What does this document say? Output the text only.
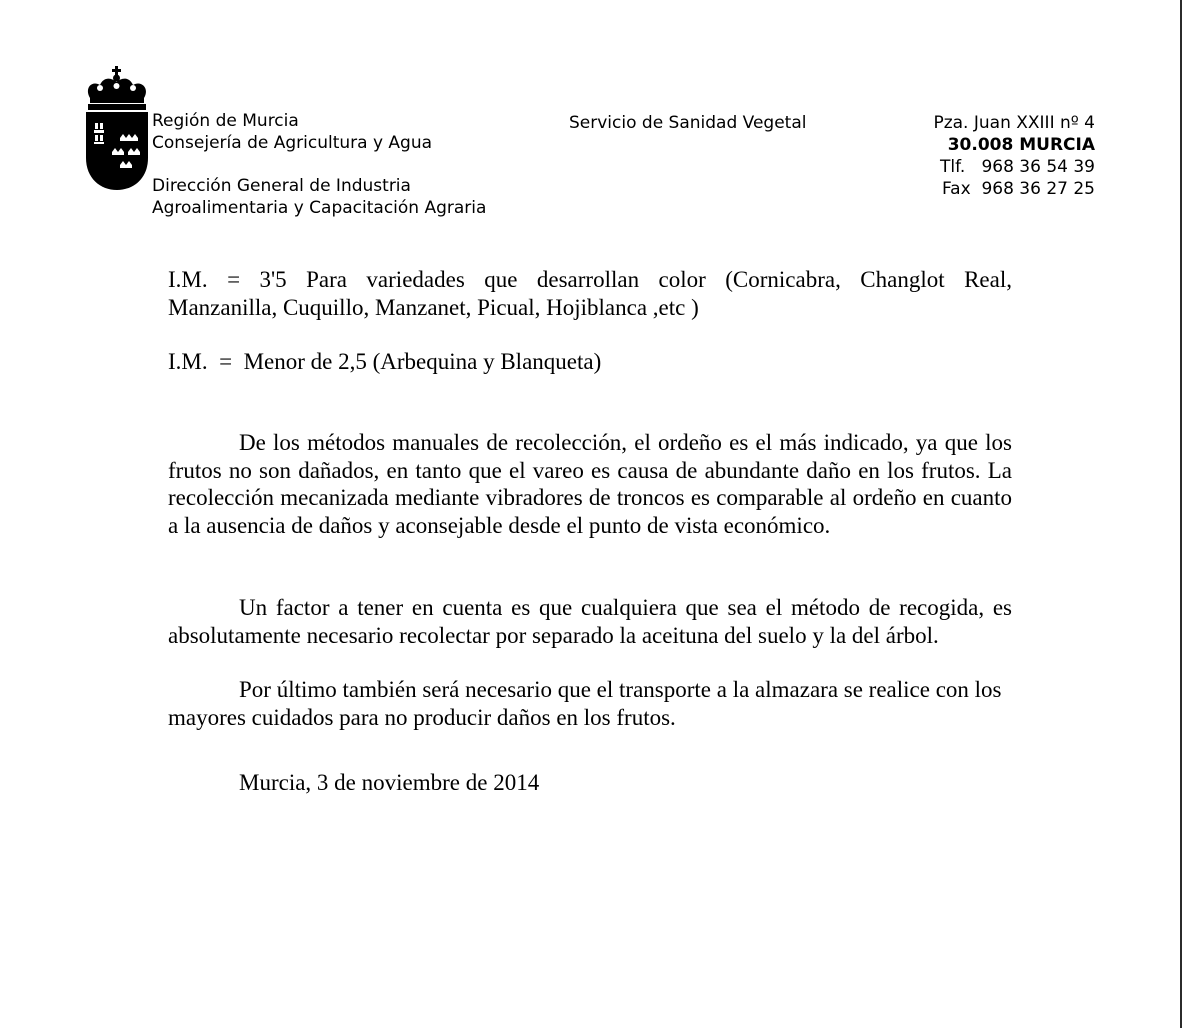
Región de Murcia
Consejería de Agricultura y Agua
Dirección General de Industria
Agroalimentaria y Capacitación Agraria
Servicio de Sanidad Vegetal	Pza. Juan XXIII nº 4
30.008 MURCIA
Tlf.   968 36 54 39
Fax  968 36 27 25
I.M.  =  3'5  Para  variedades  que  desarrollan  color  (Cornicabra,  Changlot  Real,
Manzanilla, Cuquillo, Manzanet, Picual, Hojiblanca ,etc )
I.M.  =  Menor de 2,5 (Arbequina y Blanqueta)

De los métodos manuales de recolección, el ordeño es el más indicado, ya que los frutos no son dañados, en tanto que el vareo es causa de abundante daño en los frutos. La recolección mecanizada mediante vibradores de troncos es comparable al ordeño en cuanto a la ausencia de daños y aconsejable desde el punto de vista económico.

Un factor a tener en cuenta es que cualquiera que sea el método de recogida, es absolutamente necesario recolectar por separado la aceituna del suelo y la del árbol.

Por último también será necesario que el transporte a la almazara se realice con los mayores cuidados para no producir daños en los frutos.

Murcia, 3 de noviembre de 2014
